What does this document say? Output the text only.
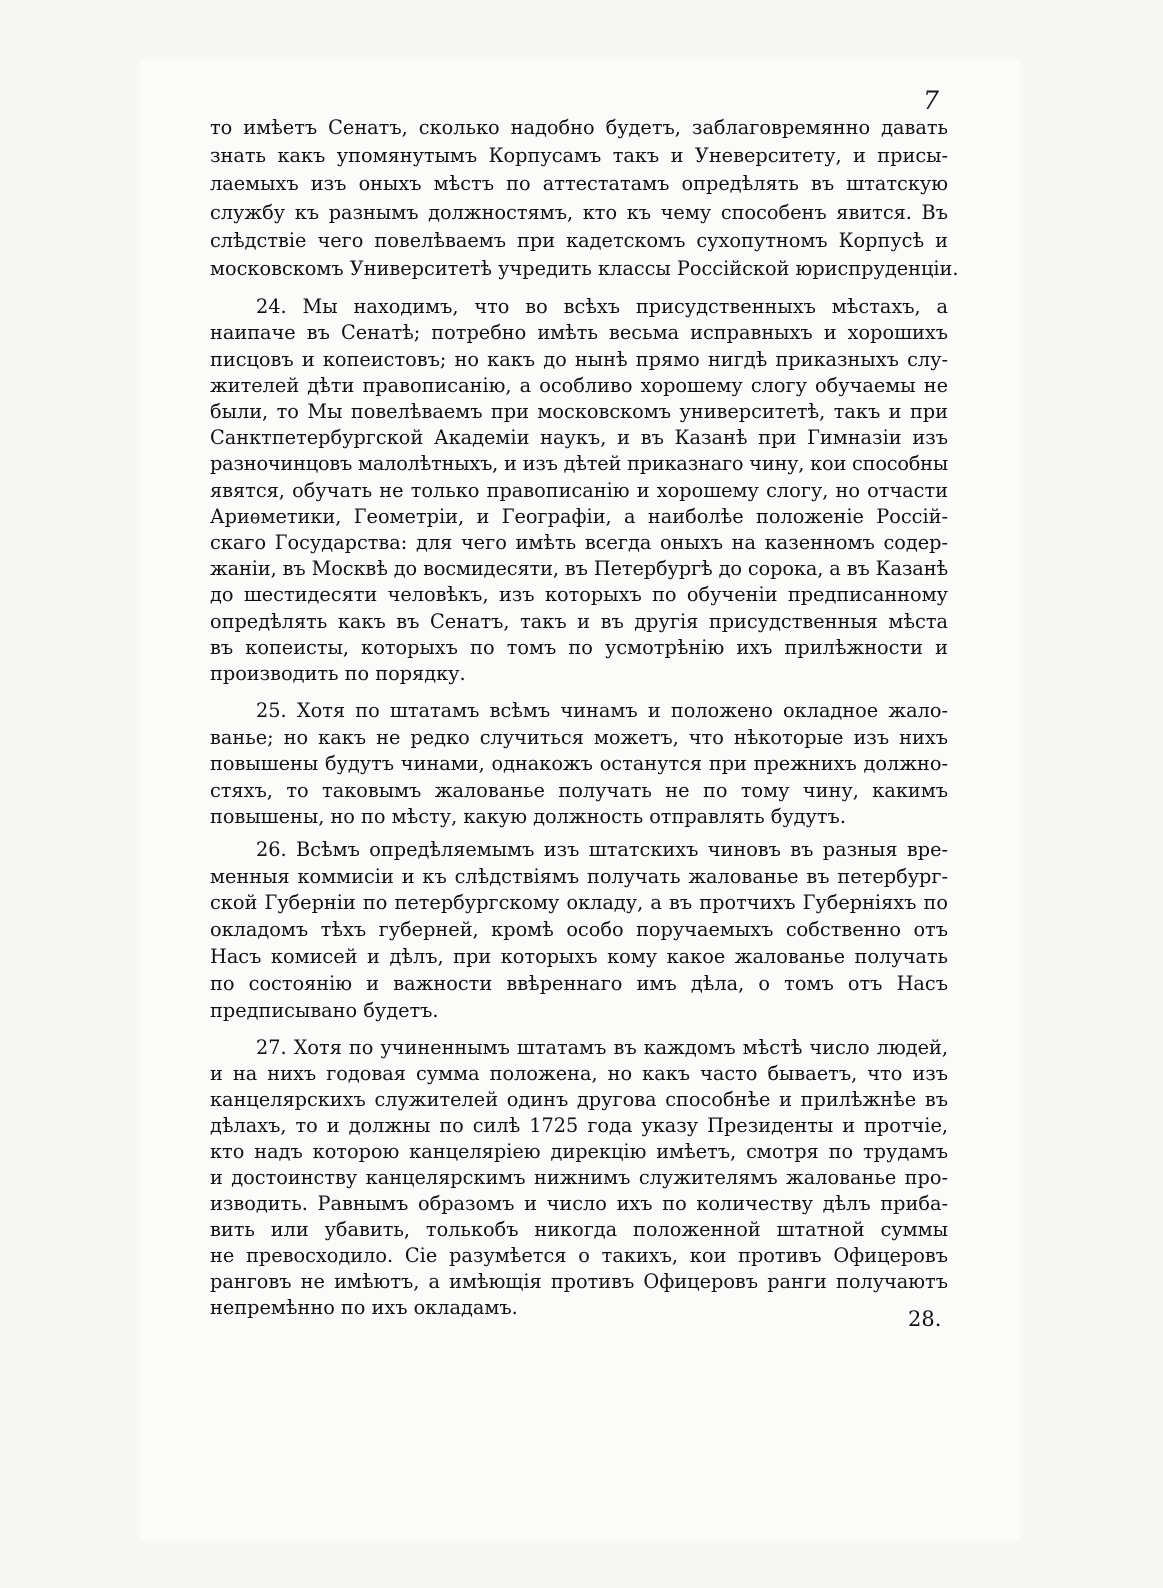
7

то имѣетъ Сенатъ, сколько надобно будетъ, заблаговремянно давать
знать какъ упомянутымъ Корпусамъ такъ и Уневерситету, и присы-
лаемыхъ изъ оныхъ мѣстъ по аттестатамъ опредѣлять въ штатскую
службу къ разнымъ должностямъ, кто къ чему способенъ явится. Въ
слѣдствіе чего повелѣваемъ при кадетскомъ сухопутномъ Корпусѣ и
московскомъ Университетѣ учредить классы Россійской юриспруденціи.

24. Мы находимъ, что во всѣхъ присудственныхъ мѣстахъ, а
наипаче въ Сенатѣ; потребно имѣть весьма исправныхъ и хорошихъ
писцовъ и копеистовъ; но какъ до нынѣ прямо нигдѣ приказныхъ слу-
жителей дѣти правописанію, а особливо хорошему слогу обучаемы не
были, то Мы повелѣваемъ при московскомъ университетѣ, такъ и при
Санктпетербургской Академіи наукъ, и въ Казанѣ при Гимназіи изъ
разночинцовъ малолѣтныхъ, и изъ дѣтей приказнаго чину, кои способны
явятся, обучать не только правописанію и хорошему слогу, но отчасти
Ариѳметики, Геометріи, и Географіи, а наиболѣе положеніе Россій-
скаго Государства: для чего имѣть всегда оныхъ на казенномъ содер-
жаніи, въ Москвѣ до восмидесяти, въ Петербургѣ до сорока, а въ Казанѣ
до шестидесяти человѣкъ, изъ которыхъ по обученіи предписанному
опредѣлять какъ въ Сенатъ, такъ и въ другія присудственныя мѣста
въ копеисты, которыхъ по томъ по усмотрѣнію ихъ прилѣжности и
производить по порядку.

25. Хотя по штатамъ всѣмъ чинамъ и положено окладное жало-
ванье; но какъ не редко случиться можетъ, что нѣкоторые изъ нихъ
повышены будутъ чинами, однакожъ останутся при прежнихъ должно-
стяхъ, то таковымъ жалованье получать не по тому чину, какимъ
повышены, но по мѣсту, какую должность отправлять будутъ.

26. Всѣмъ опредѣляемымъ изъ штатскихъ чиновъ въ разныя вре-
менныя коммисіи и къ слѣдствіямъ получать жалованье въ петербург-
ской Губерніи по петербургскому окладу, а въ протчихъ Губерніяхъ по
окладомъ тѣхъ губерней, кромѣ особо поручаемыхъ собственно отъ
Насъ комисей и дѣлъ, при которыхъ кому какое жалованье получать
по состоянію и важности ввѣреннаго имъ дѣла, о томъ отъ Насъ
предписывано будетъ.

27. Хотя по учиненнымъ штатамъ въ каждомъ мѣстѣ число людей,
и на нихъ годовая сумма положена, но какъ часто бываетъ, что изъ
канцелярскихъ служителей одинъ другова способнѣе и прилѣжнѣе въ
дѣлахъ, то и должны по силѣ 1725 года указу Президенты и протчіе,
кто надъ которою канцеляріею дирекцію имѣетъ, смотря по трудамъ
и достоинству канцелярскимъ нижнимъ служителямъ жалованье про-
изводить. Равнымъ образомъ и число ихъ по количеству дѣлъ приба-
вить или убавить, толькобъ никогда положенной штатной суммы
не превосходило. Сіе разумѣется о такихъ, кои противъ Офицеровъ
ранговъ не имѣютъ, а имѣющія противъ Офицеровъ ранги получаютъ
непремѣнно по ихъ окладамъ.	28.
